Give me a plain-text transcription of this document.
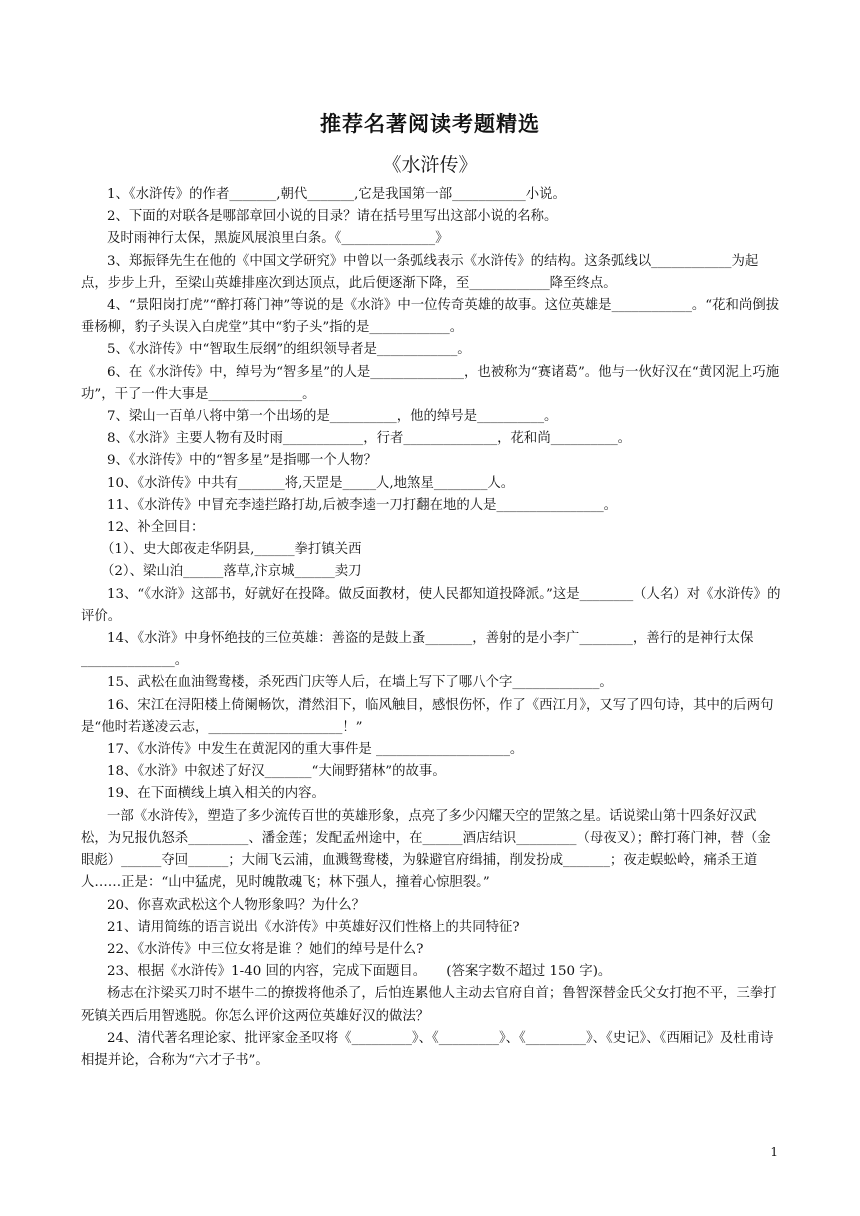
推荐名著阅读考题精选
《水浒传》

1、《水浒传》的作者_______,朝代_______,它是我国第一部___________小说。

2、下面的对联各是哪部章回小说的目录？请在括号里写出这部小说的名称。

及时雨神行太保，黑旋风展浪里白条。《______________》

3、郑振铎先生在他的《中国文学研究》中曾以一条弧线表示《水浒传》的结构。这条弧线以____________为起点，步步上升，至梁山英雄排座次到达顶点，此后便逐渐下降，至____________降至终点。

4、“景阳岗打虎”“醉打蒋门神”等说的是《水浒》中一位传奇英雄的故事。这位英雄是____________。“花和尚倒拔垂杨柳，豹子头误入白虎堂”其中“豹子头”指的是____________。

5、《水浒传》中“智取生辰纲”的组织领导者是____________。

6、在《水浒传》中，绰号为“智多星”的人是______________，也被称为“赛诸葛”。他与一伙好汉在“黄冈泥上巧施功”，干了一件大事是______________。

7、梁山一百单八将中第一个出场的是__________，他的绰号是__________。

8、《水浒》主要人物有及时雨____________，行者______________，花和尚__________。

9、《水浒传》中的“智多星”是指哪一个人物？

10、《水浒传》中共有_______将,天罡是_____人,地煞星________人。

11、《水浒传》中冒充李逵拦路打劫,后被李逵一刀打翻在地的人是________________。

12、补全回目：

（1）、史大郎夜走华阴县,______拳打镇关西

（2）、梁山泊______落草,汴京城______卖刀

13、“《水浒》这部书，好就好在投降。做反面教材，使人民都知道投降派。”这是________（人名）对《水浒传》的评价。

14、《水浒》中身怀绝技的三位英雄：善盗的是鼓上蚤_______，善射的是小李广________，善行的是神行太保______________。

15、武松在血油鸳鸯楼，杀死西门庆等人后，在墙上写下了哪八个字_____________。

16、宋江在浔阳楼上倚阑畅饮，潸然泪下，临风触目，感恨伤怀，作了《西江月》，又写了四句诗，其中的后两句是“他时若遂凌云志，____________________！”

17、《水浒传》中发生在黄泥冈的重大事件是 ____________________。

18、《水浒》中叙述了好汉_______“大闹野猪林”的故事。

19、在下面横线上填入相关的内容。

一部《水浒传》，塑造了多少流传百世的英雄形象，点亮了多少闪耀天空的罡煞之星。话说梁山第十四条好汉武松，为兄报仇怒杀_________、潘金莲；发配孟州途中，在______酒店结识_________（母夜叉）；醉打蒋门神，替（金眼彪）______夺回______；大闹飞云浦，血溅鸳鸯楼，为躲避官府缉捕，削发扮成_______；夜走蜈蚣岭，痛杀王道人……正是：“山中猛虎，见时魄散魂飞；林下强人，撞着心惊胆裂。”

20、你喜欢武松这个人物形象吗？为什么？

21、请用简练的语言说出《水浒传》中英雄好汉们性格上的共同特征?

22、《水浒传》中三位女将是谁 ？她们的绰号是什么?

23、根据《水浒传》1-40 回的内容，完成下面题目。　　(答案字数不超过 150 字)。

杨志在汴梁买刀时不堪牛二的撩拨将他杀了，后怕连累他人主动去官府自首；鲁智深替金氏父女打抱不平，三拳打死镇关西后用智逃脱。你怎么评价这两位英雄好汉的做法？

24、清代著名理论家、批评家金圣叹将《_________》、《_________》、《_________》、《史记》、《西厢记》及杜甫诗相提并论，合称为“六才子书”。

1
